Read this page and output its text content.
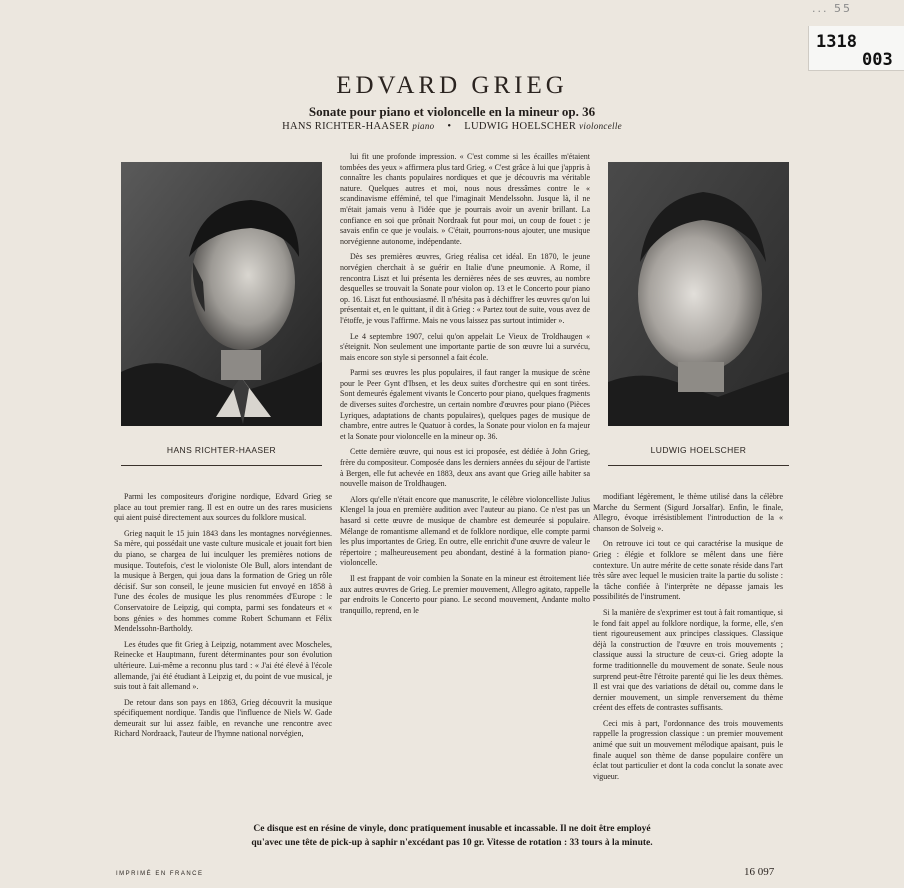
... 55
1318
003
EDVARD GRIEG
Sonate pour piano et violoncelle en la mineur op. 36
HANS RICHTER-HAASER piano • LUDWIG HOELSCHER violoncelle
HANS RICHTER-HAASER	LUDWIG HOELSCHER

lui fit une profonde impression. « C'est comme si les écailles m'étaient tombées des yeux » affirmera plus tard Grieg. « C'est grâce à lui que j'appris à connaître les chants populaires nordiques et que je découvris ma véritable nature. Quelques autres et moi, nous nous dressâmes contre le « scandinavisme efféminé, tel que l'imaginait Mendelssohn. Jusque là, il ne m'était jamais venu à l'idée que je pourrais avoir un avenir brillant. La confiance en soi que prônait Nordraak fut pour moi, un coup de fouet : je savais enfin ce que je voulais. » C'était, pourrons-nous ajouter, une musique norvégienne autonome, indépendante.

Dès ses premières œuvres, Grieg réalisa cet idéal. En 1870, le jeune norvégien cherchait à se guérir en Italie d'une pneumonie. A Rome, il rencontra Liszt et lui présenta les dernières nées de ses œuvres, au nombre desquelles se trouvait la Sonate pour violon op. 13 et le Concerto pour piano op. 16. Liszt fut enthousiasmé. Il n'hésita pas à déchiffrer les œuvres qu'on lui présentait et, en le quittant, il dit à Grieg : « Partez tout de suite, vous avez de l'étoffe, je vous l'affirme. Mais ne vous laissez pas surtout intimider ».

Le 4 septembre 1907, celui qu'on appelait Le Vieux de Troldhaugen « s'éteignit. Non seulement une importante partie de son œuvre lui a survécu, mais encore son style si personnel a fait école.

Parmi ses œuvres les plus populaires, il faut ranger la musique de scène pour le Peer Gynt d'Ibsen, et les deux suites d'orchestre qui en sont tirées. Sont demeurés également vivants le Concerto pour piano, quelques fragments de diverses suites d'orchestre, un certain nombre d'œuvres pour piano (Pièces Lyriques, adaptations de chants populaires), quelques pages de musique de chambre, entre autres le Quatuor à cordes, la Sonate pour violon en fa majeur et la Sonate pour violoncelle en la mineur op. 36.

Cette dernière œuvre, qui nous est ici proposée, est dédiée à John Grieg, frère du compositeur. Composée dans les derniers années du séjour de l'artiste à Bergen, elle fut achevée en 1883, deux ans avant que Grieg aille habiter sa nouvelle maison de Troldhaugen.

Alors qu'elle n'était encore que manuscrite, le célèbre violoncelliste Julius Klengel la joua en première audition avec l'auteur au piano. Ce n'est pas un hasard si cette œuvre de musique de chambre est demeurée si populaire. Mélange de romantisme allemand et de folklore nordique, elle compte parmi les plus importantes de Grieg. En outre, elle enrichit d'une œuvre de valeur le répertoire ; malheureusement peu abondant, destiné à la formation piano-violoncelle.

Il est frappant de voir combien la Sonate en la mineur est étroitement liée aux autres œuvres de Grieg. Le premier mouvement, Allegro agitato, rappelle par endroits le Concerto pour piano. Le second mouvement, Andante molto tranquillo, reprend, en le

Parmi les compositeurs d'origine nordique, Edvard Grieg se place au tout premier rang. Il est en outre un des rares musiciens qui aient puisé directement aux sources du folklore musical.

Grieg naquit le 15 juin 1843 dans les montagnes norvégiennes. Sa mère, qui possédait une vaste culture musicale et jouait fort bien du piano, se chargea de lui inculquer les premières notions de musique. Toutefois, c'est le violoniste Ole Bull, alors intendant de la musique à Bergen, qui joua dans la formation de Grieg un rôle décisif. Sur son conseil, le jeune musicien fut envoyé en 1858 à l'une des écoles de musique les plus renommées d'Europe : le Conservatoire de Leipzig, qui compta, parmi ses fondateurs et « bons génies » des hommes comme Robert Schumann et Félix Mendelssohn-Bartholdy.

Les études que fit Grieg à Leipzig, notamment avec Moscheles, Reinecke et Hauptmann, furent déterminantes pour son évolution ultérieure. Lui-même a reconnu plus tard : « J'ai été élevé à l'école allemande, j'ai été étudiant à Leipzig et, du point de vue musical, je suis tout à fait allemand ».

De retour dans son pays en 1863, Grieg découvrit la musique spécifiquement nordique. Tandis que l'influence de Niels W. Gade demeurait sur lui assez faible, en revanche une rencontre avec Richard Nordraack, l'auteur de l'hymne national norvégien,

modifiant légèrement, le thème utilisé dans la célèbre Marche du Serment (Sigurd Jorsalfar). Enfin, le finale, Allegro, évoque irrésistiblement l'introduction de la « chanson de Solveig ».

On retrouve ici tout ce qui caractérise la musique de Grieg : élégie et folklore se mêlent dans une fière contexture. Un autre mérite de cette sonate réside dans l'art très sûre avec lequel le musicien traite la partie du soliste : la tâche confiée à l'interprète ne dépasse jamais les possibilités de l'instrument.

Si la manière de s'exprimer est tout à fait romantique, si le fond fait appel au folklore nordique, la forme, elle, s'en tient rigoureusement aux principes classiques. Classique déjà la construction de l'œuvre en trois mouvements ; classique aussi la structure de ceux-ci. Grieg adopte la forme traditionnelle du mouvement de sonate. Seule nous surprend peut-être l'étroite parenté qui lie les deux thèmes. Il est vrai que des variations de détail ou, comme dans le dernier mouvement, un simple renversement du thème créent des effets de contrastes suffisants.

Ceci mis à part, l'ordonnance des trois mouvements rappelle la progression classique : un premier mouvement animé que suit un mouvement mélodique apaisant, puis le finale auquel son thème de danse populaire confère un éclat tout particulier et dont la coda conclut la sonate avec vigueur.

Ce disque est en résine de vinyle, donc pratiquement inusable et incassable. Il ne doit être employé
qu'avec une tête de pick-up à saphir n'excédant pas 10 gr. Vitesse de rotation : 33 tours à la minute.
IMPRIMÉ EN FRANCE	16 097
